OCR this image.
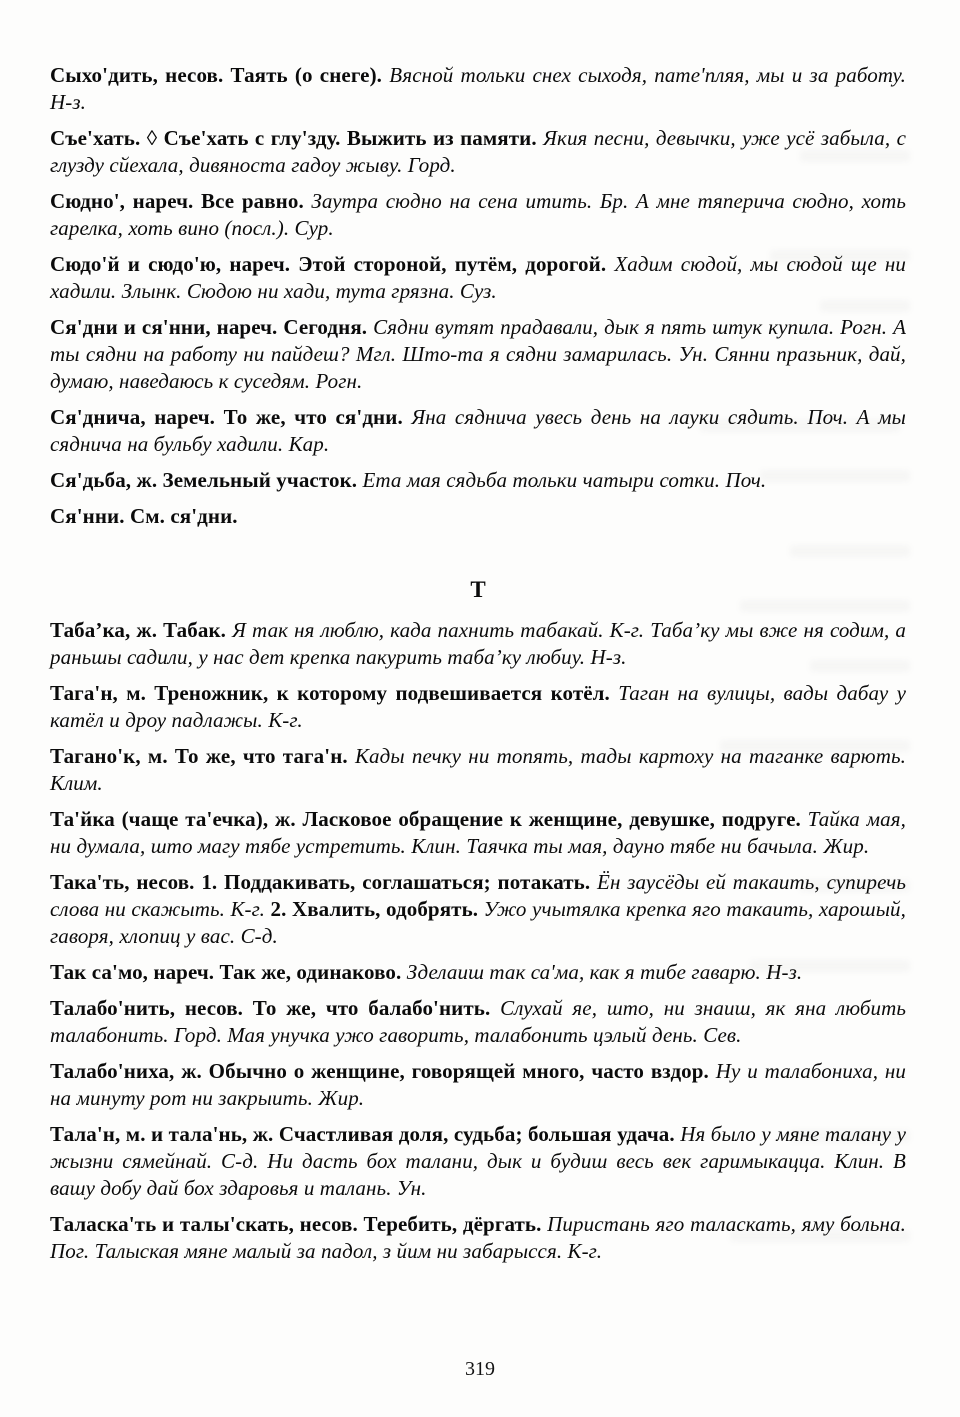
Сыхо'дить, несов. Таять (о снеге). Вясной тольки снех сыходя, пате'пляя, мы и за работу. Н-з.

Съе'хать. ◊ Съе'хать с глу'зду. Выжить из памяти. Якия песни, девычки, уже усё забыла, с глузду сйехала, дивяноста гадоу жыву. Горд.

Сюдно', нареч. Все равно. Заутра сюдно на сена итить. Бр. А мне тяперича сюдно, хоть гарелка, хоть вино (посл.). Сур.

Сюдо'й и сюдо'ю, нареч. Этой стороной, путём, дорогой. Хадим сюдой, мы сюдой ще ни хадили. Злынк. Сюдою ни хади, тута грязна. Суз.

Ся'дни и ся'нни, нареч. Сегодня. Сядни вутят прадавали, дык я пять штук купила. Рогн. А ты сядни на работу ни пайдеш? Мгл. Што-та я сядни замарилась. Ун. Сянни празьник, дай, думаю, наведаюсь к суседям. Рогн.

Ся'днича, нареч. То же, что ся'дни. Яна сяднича увесь день на лауки сядить. Поч. А мы сяднича на бульбу хадили. Кар.

Ся'дьба, ж. Земельный участок. Ета мая сядьба тольки чатыри сотки. Поч.

Ся'нни. См. ся'дни.

Т

Таба’ка, ж. Табак. Я так ня люблю, када пахнить табакай. К-г. Таба’ку мы вже ня содим, а раньшы садили, у нас дет крепка пакурить таба’ку любиу. Н-з.

Тага'н, м. Треножник, к которому подвешивается котёл. Таган на вулицы, вады дабау у катёл и дроу падлажы. К-г.

Тагано'к, м. То же, что тага'н. Кады печку ни топять, тады картоху на таганке варють. Клим.

Та'йка (чаще та'ечка), ж. Ласковое обращение к женщине, девушке, подруге. Тайка мая, ни думала, што магу тябе устретить. Клин. Таячка ты мая, дауно тябе ни бачыла. Жир.

Така'ть, несов. 1. Поддакивать, соглашаться; потакать. Ён заусёды ей такаить, супиречь слова ни скажыть. К-г. 2. Хвалить, одобрять. Ужо учытялка крепка яго такаить, харошый, гаворя, хлопиц у вас. С-д.

Так са'мо, нареч. Так же, одинаково. Зделаиш так са'ма, как я тибе гаварю. Н-з.

Талабо'нить, несов. То же, что балабо'нить. Слухай яе, што, ни знаиш, як яна любить талабонить. Горд. Мая унучка ужо гаворить, талабонить цэлый день. Сев.

Талабо'ниха, ж. Обычно о женщине, говорящей много, часто вздор. Ну и талабониха, ни на минуту рот ни закрыить. Жир.

Тала'н, м. и тала'нь, ж. Счастливая доля, судьба; большая удача. Ня было у мяне талану у жызни сямейнай. С-д. Ни дасть бох талани, дык и будиш весь век гаримыкацца. Клин. В вашу добу дай бох здаровья и талань. Ун.

Таласка'ть и талы'скать, несов. Теребить, дёргать. Пиристань яго таласкать, яму больна. Пог. Талыская мяне малый за падол, з йим ни забарысся. К-г.

319
